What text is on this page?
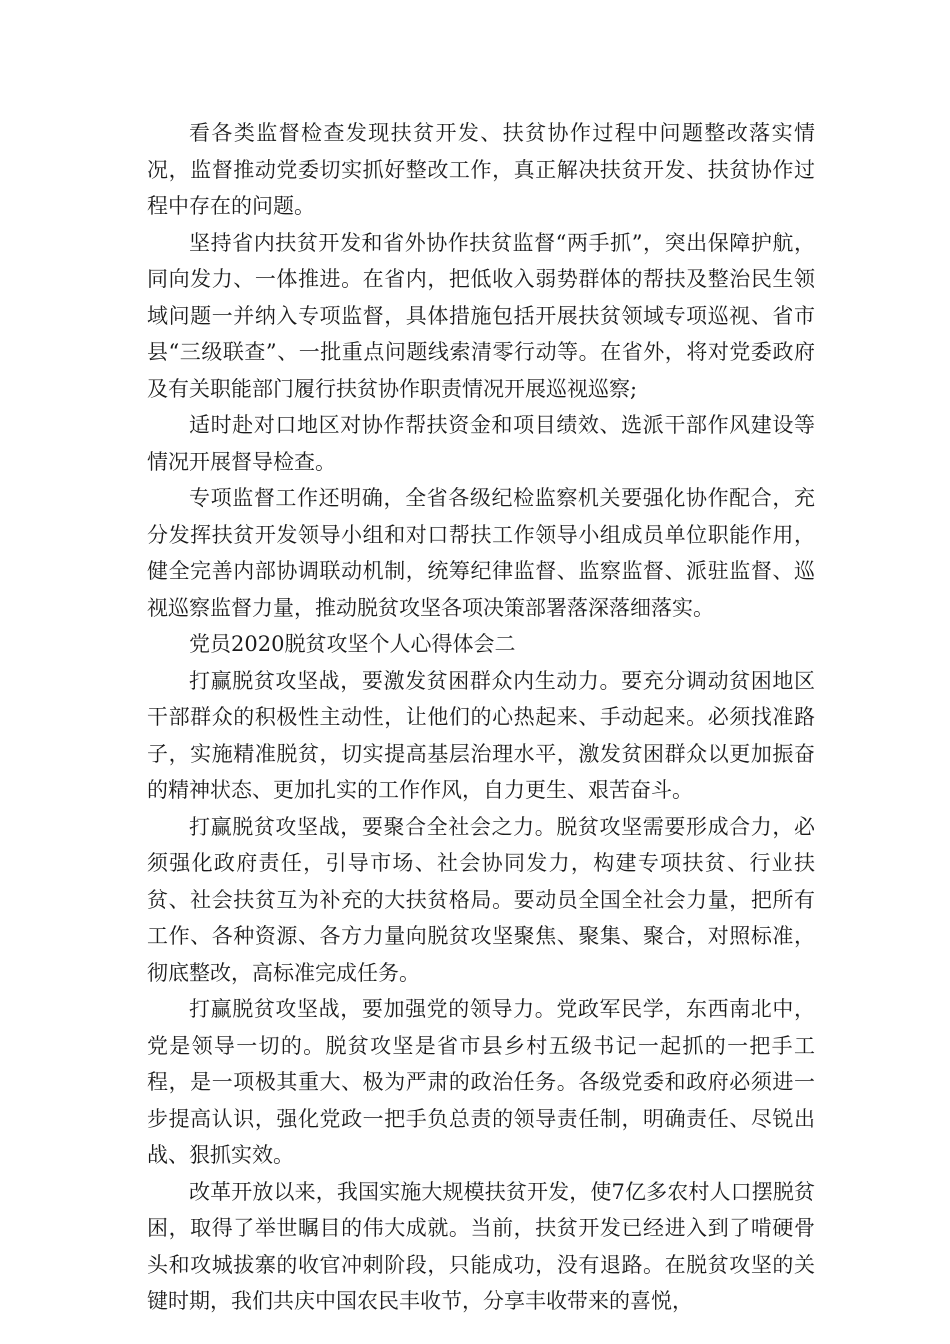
看各类监督检查发现扶贫开发、扶贫协作过程中问题整改落实情况，监督推动党委切实抓好整改工作，真正解决扶贫开发、扶贫协作过程中存在的问题。

坚持省内扶贫开发和省外协作扶贫监督“两手抓”，突出保障护航，同向发力、一体推进。在省内，把低收入弱势群体的帮扶及整治民生领域问题一并纳入专项监督，具体措施包括开展扶贫领域专项巡视、省市县“三级联查”、一批重点问题线索清零行动等。在省外，将对党委政府及有关职能部门履行扶贫协作职责情况开展巡视巡察;

适时赴对口地区对协作帮扶资金和项目绩效、选派干部作风建设等情况开展督导检查。

专项监督工作还明确，全省各级纪检监察机关要强化协作配合，充分发挥扶贫开发领导小组和对口帮扶工作领导小组成员单位职能作用，健全完善内部协调联动机制，统筹纪律监督、监察监督、派驻监督、巡视巡察监督力量，推动脱贫攻坚各项决策部署落深落细落实。

党员2020脱贫攻坚个人心得体会二

打赢脱贫攻坚战，要激发贫困群众内生动力。要充分调动贫困地区干部群众的积极性主动性，让他们的心热起来、手动起来。必须找准路子，实施精准脱贫，切实提高基层治理水平，激发贫困群众以更加振奋的精神状态、更加扎实的工作作风，自力更生、艰苦奋斗。

打赢脱贫攻坚战，要聚合全社会之力。脱贫攻坚需要形成合力，必须强化政府责任，引导市场、社会协同发力，构建专项扶贫、行业扶贫、社会扶贫互为补充的大扶贫格局。要动员全国全社会力量，把所有工作、各种资源、各方力量向脱贫攻坚聚焦、聚集、聚合，对照标准，彻底整改，高标准完成任务。

打赢脱贫攻坚战，要加强党的领导力。党政军民学，东西南北中，党是领导一切的。脱贫攻坚是省市县乡村五级书记一起抓的一把手工程，是一项极其重大、极为严肃的政治任务。各级党委和政府必须进一步提高认识，强化党政一把手负总责的领导责任制，明确责任、尽锐出战、狠抓实效。

改革开放以来，我国实施大规模扶贫开发，使7亿多农村人口摆脱贫困，取得了举世瞩目的伟大成就。当前，扶贫开发已经进入到了啃硬骨头和攻城拔寨的收官冲刺阶段，只能成功，没有退路。在脱贫攻坚的关键时期，我们共庆中国农民丰收节，分享丰收带来的喜悦，
